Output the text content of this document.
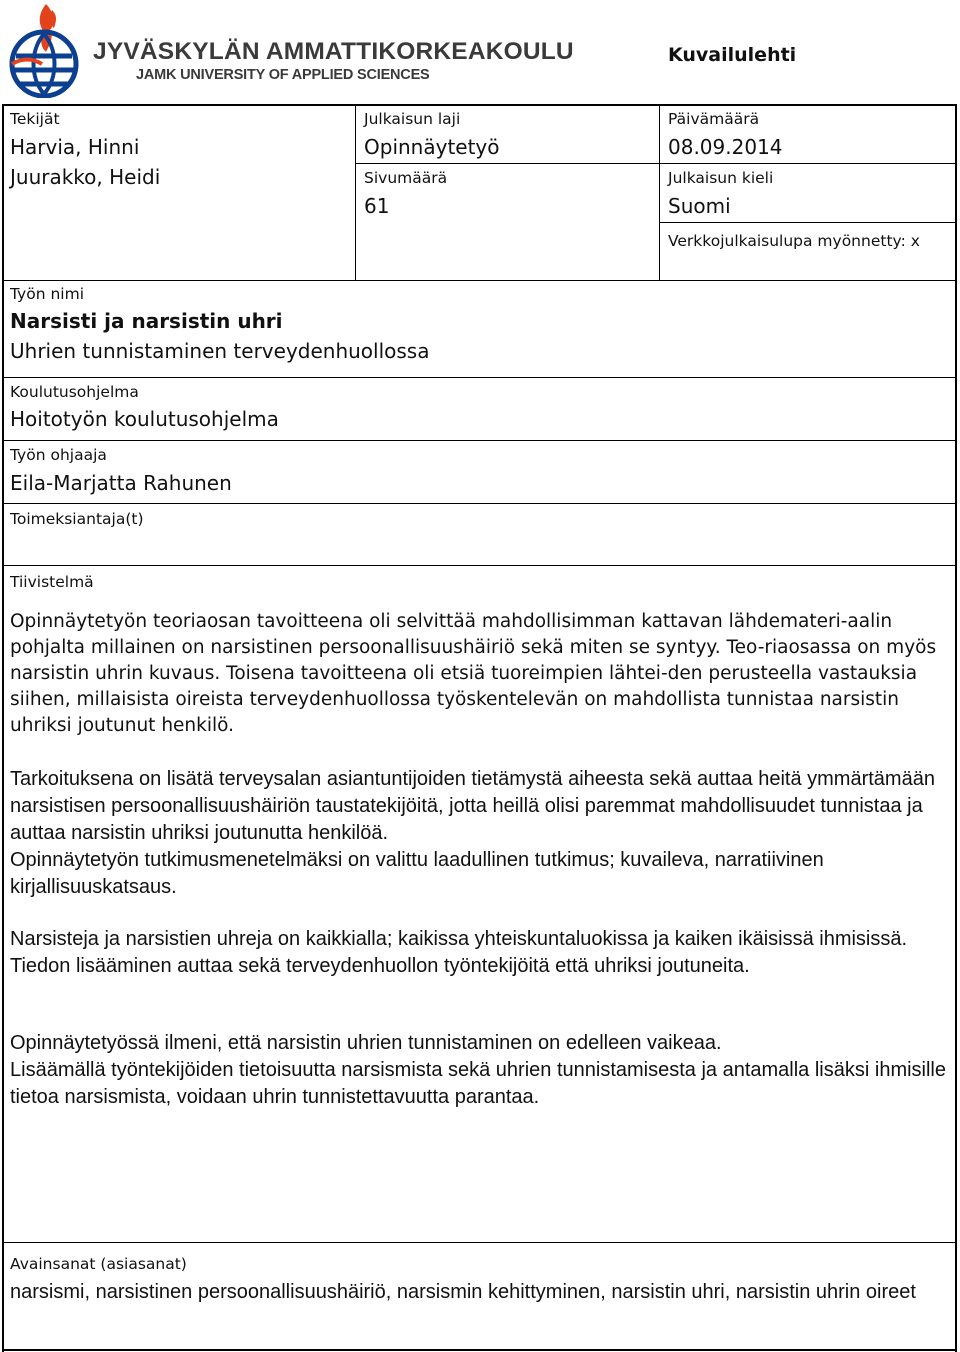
JYVÄSKYLÄN AMMATTIKORKEAKOULU
JAMK UNIVERSITY OF APPLIED SCIENCES
Kuvailulehti
Tekijät
Harvia, Hinni
Juurakko, Heidi
Julkaisun laji
Opinnäytetyö
Sivumäärä
61
Päivämäärä
08.09.2014
Julkaisun kieli
Suomi
Verkkojulkaisulupa myönnetty: x
Työn nimi
Narsisti ja narsistin uhri
Uhrien tunnistaminen terveydenhuollossa
Koulutusohjelma
Hoitotyön koulutusohjelma
Työn ohjaaja
Eila-Marjatta Rahunen
Toimeksiantaja(t)
Tiivistelmä

Opinnäytetyön teoriaosan tavoitteena oli selvittää mahdollisimman kattavan lähdemateri-aalin pohjalta millainen on narsistinen persoonallisuushäiriö sekä miten se syntyy. Teo-riaosassa on myös narsistin uhrin kuvaus. Toisena tavoitteena oli etsiä tuoreimpien lähtei-den perusteella vastauksia siihen, millaisista oireista terveydenhuollossa työskentelevän on mahdollista tunnistaa narsistin uhriksi joutunut henkilö.

Tarkoituksena on lisätä terveysalan asiantuntijoiden tietämystä aiheesta sekä auttaa heitä ymmärtämään narsistisen persoonallisuushäiriön taustatekijöitä, jotta heillä olisi paremmat mahdollisuudet tunnistaa ja auttaa narsistin uhriksi joutunutta henkilöä.

Opinnäytetyön tutkimusmenetelmäksi on valittu laadullinen tutkimus; kuvaileva, narratiivinen kirjallisuuskatsaus.

Narsisteja ja narsistien uhreja on kaikkialla; kaikissa yhteiskuntaluokissa ja kaiken ikäisissä ihmisissä. Tiedon lisääminen auttaa sekä terveydenhuollon työntekijöitä että uhriksi joutuneita.

Opinnäytetyössä ilmeni, että narsistin uhrien tunnistaminen on edelleen vaikeaa.

Lisäämällä työntekijöiden tietoisuutta narsismista sekä uhrien tunnistamisesta ja antamalla lisäksi ihmisille tietoa narsismista, voidaan uhrin tunnistettavuutta parantaa.

Avainsanat (asiasanat)

narsismi, narsistinen persoonallisuushäiriö, narsismin kehittyminen, narsistin uhri, narsistin uhrin oireet
